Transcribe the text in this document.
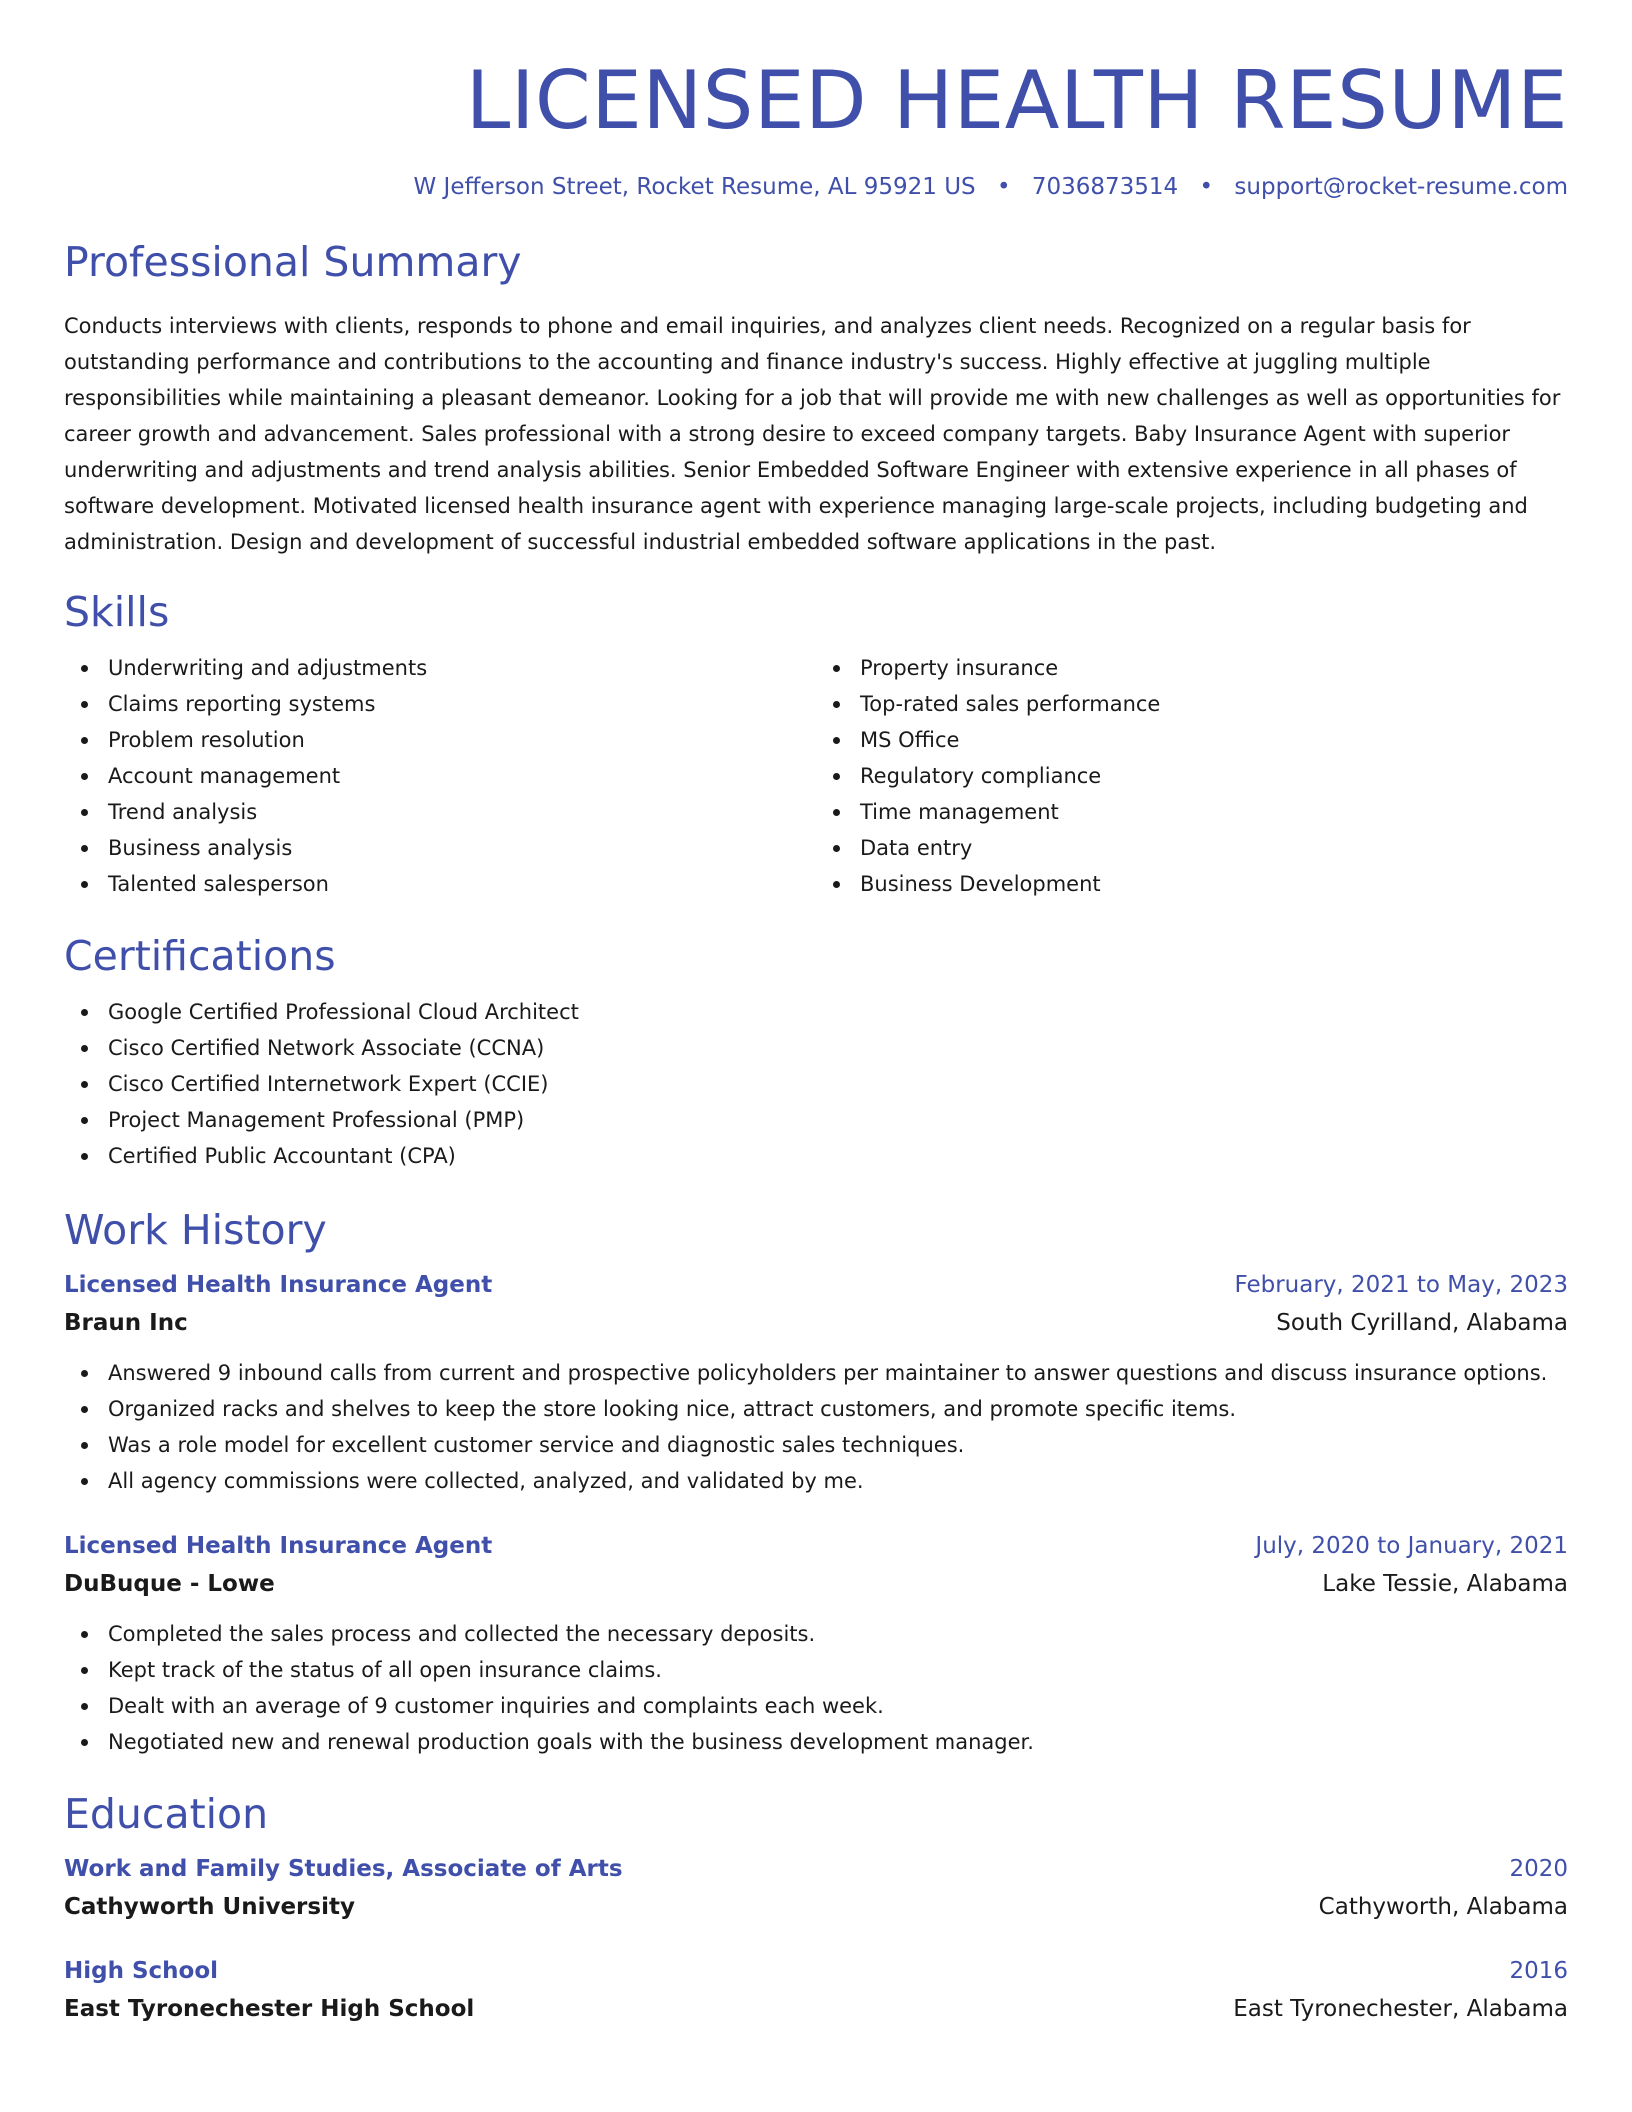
LICENSED HEALTH RESUME
W Jefferson Street, Rocket Resume, AL 95921 US • 7036873514 • support@rocket-resume.com
Professional Summary
Conducts interviews with clients, responds to phone and email inquiries, and analyzes client needs. Recognized on a regular basis for outstanding performance and contributions to the accounting and finance industry's success. Highly effective at juggling multiple responsibilities while maintaining a pleasant demeanor. Looking for a job that will provide me with new challenges as well as opportunities for career growth and advancement. Sales professional with a strong desire to exceed company targets. Baby Insurance Agent with superior underwriting and adjustments and trend analysis abilities. Senior Embedded Software Engineer with extensive experience in all phases of software development. Motivated licensed health insurance agent with experience managing large-scale projects, including budgeting and administration. Design and development of successful industrial embedded software applications in the past.
Skills
Underwriting and adjustments
Claims reporting systems
Problem resolution
Account management
Trend analysis
Business analysis
Talented salesperson
Property insurance
Top-rated sales performance
MS Office
Regulatory compliance
Time management
Data entry
Business Development
Certifications
Google Certified Professional Cloud Architect
Cisco Certified Network Associate (CCNA)
Cisco Certified Internetwork Expert (CCIE)
Project Management Professional (PMP)
Certified Public Accountant (CPA)
Work History
Licensed Health Insurance Agent	February, 2021 to May, 2023
Braun Inc	South Cyrilland, Alabama
Answered 9 inbound calls from current and prospective policyholders per maintainer to answer questions and discuss insurance options.
Organized racks and shelves to keep the store looking nice, attract customers, and promote specific items.
Was a role model for excellent customer service and diagnostic sales techniques.
All agency commissions were collected, analyzed, and validated by me.
Licensed Health Insurance Agent	July, 2020 to January, 2021
DuBuque - Lowe	Lake Tessie, Alabama
Completed the sales process and collected the necessary deposits.
Kept track of the status of all open insurance claims.
Dealt with an average of 9 customer inquiries and complaints each week.
Negotiated new and renewal production goals with the business development manager.
Education
Work and Family Studies, Associate of Arts	2020
Cathyworth University	Cathyworth, Alabama
High School	2016
East Tyronechester High School	East Tyronechester, Alabama
